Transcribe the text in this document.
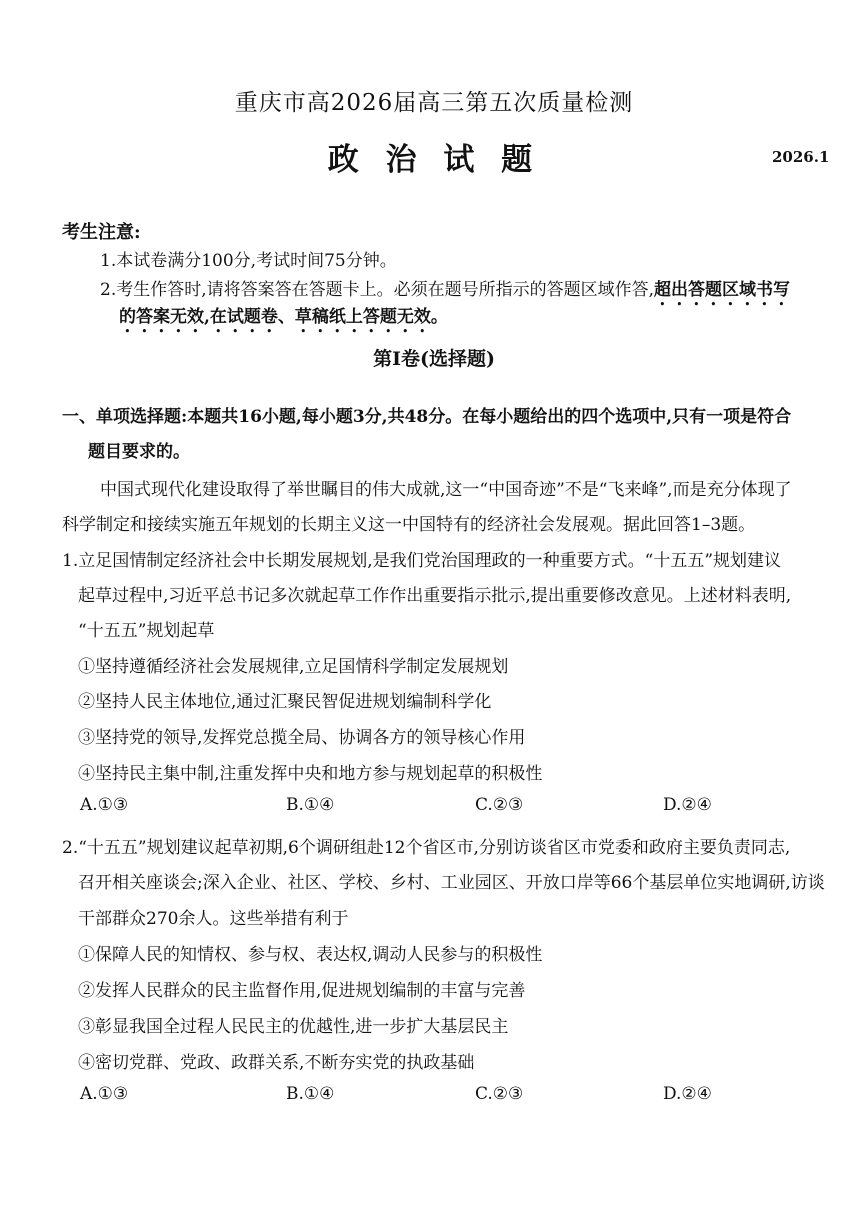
重庆市高2026届高三第五次质量检测
政 治 试 题	2026.1
考生注意:
1.本试卷满分100分,考试时间75分钟。
2.考生作答时,请将答案答在答题卡上。必须在题号所指示的答题区域作答,超出答题区域书写
的答案无效,在试题卷、草稿纸上答题无效。
第Ⅰ卷(选择题)
一、单项选择题:本题共16小题,每小题3分,共48分。在每小题给出的四个选项中,只有一项是符合
题目要求的。
中国式现代化建设取得了举世瞩目的伟大成就,这一“中国奇迹”不是“飞来峰”,而是充分体现了
科学制定和接续实施五年规划的长期主义这一中国特有的经济社会发展观。据此回答1–3题。
1.立足国情制定经济社会中长期发展规划,是我们党治国理政的一种重要方式。“十五五”规划建议
起草过程中,习近平总书记多次就起草工作作出重要指示批示,提出重要修改意见。上述材料表明,
“十五五”规划起草
①坚持遵循经济社会发展规律,立足国情科学制定发展规划
②坚持人民主体地位,通过汇聚民智促进规划编制科学化
③坚持党的领导,发挥党总揽全局、协调各方的领导核心作用
④坚持民主集中制,注重发挥中央和地方参与规划起草的积极性
A.①③	B.①④	C.②③	D.②④
2.“十五五”规划建议起草初期,6个调研组赴12个省区市,分别访谈省区市党委和政府主要负责同志,
召开相关座谈会;深入企业、社区、学校、乡村、工业园区、开放口岸等66个基层单位实地调研,访谈
干部群众270余人。这些举措有利于
①保障人民的知情权、参与权、表达权,调动人民参与的积极性
②发挥人民群众的民主监督作用,促进规划编制的丰富与完善
③彰显我国全过程人民民主的优越性,进一步扩大基层民主
④密切党群、党政、政群关系,不断夯实党的执政基础
A.①③	B.①④	C.②③	D.②④
